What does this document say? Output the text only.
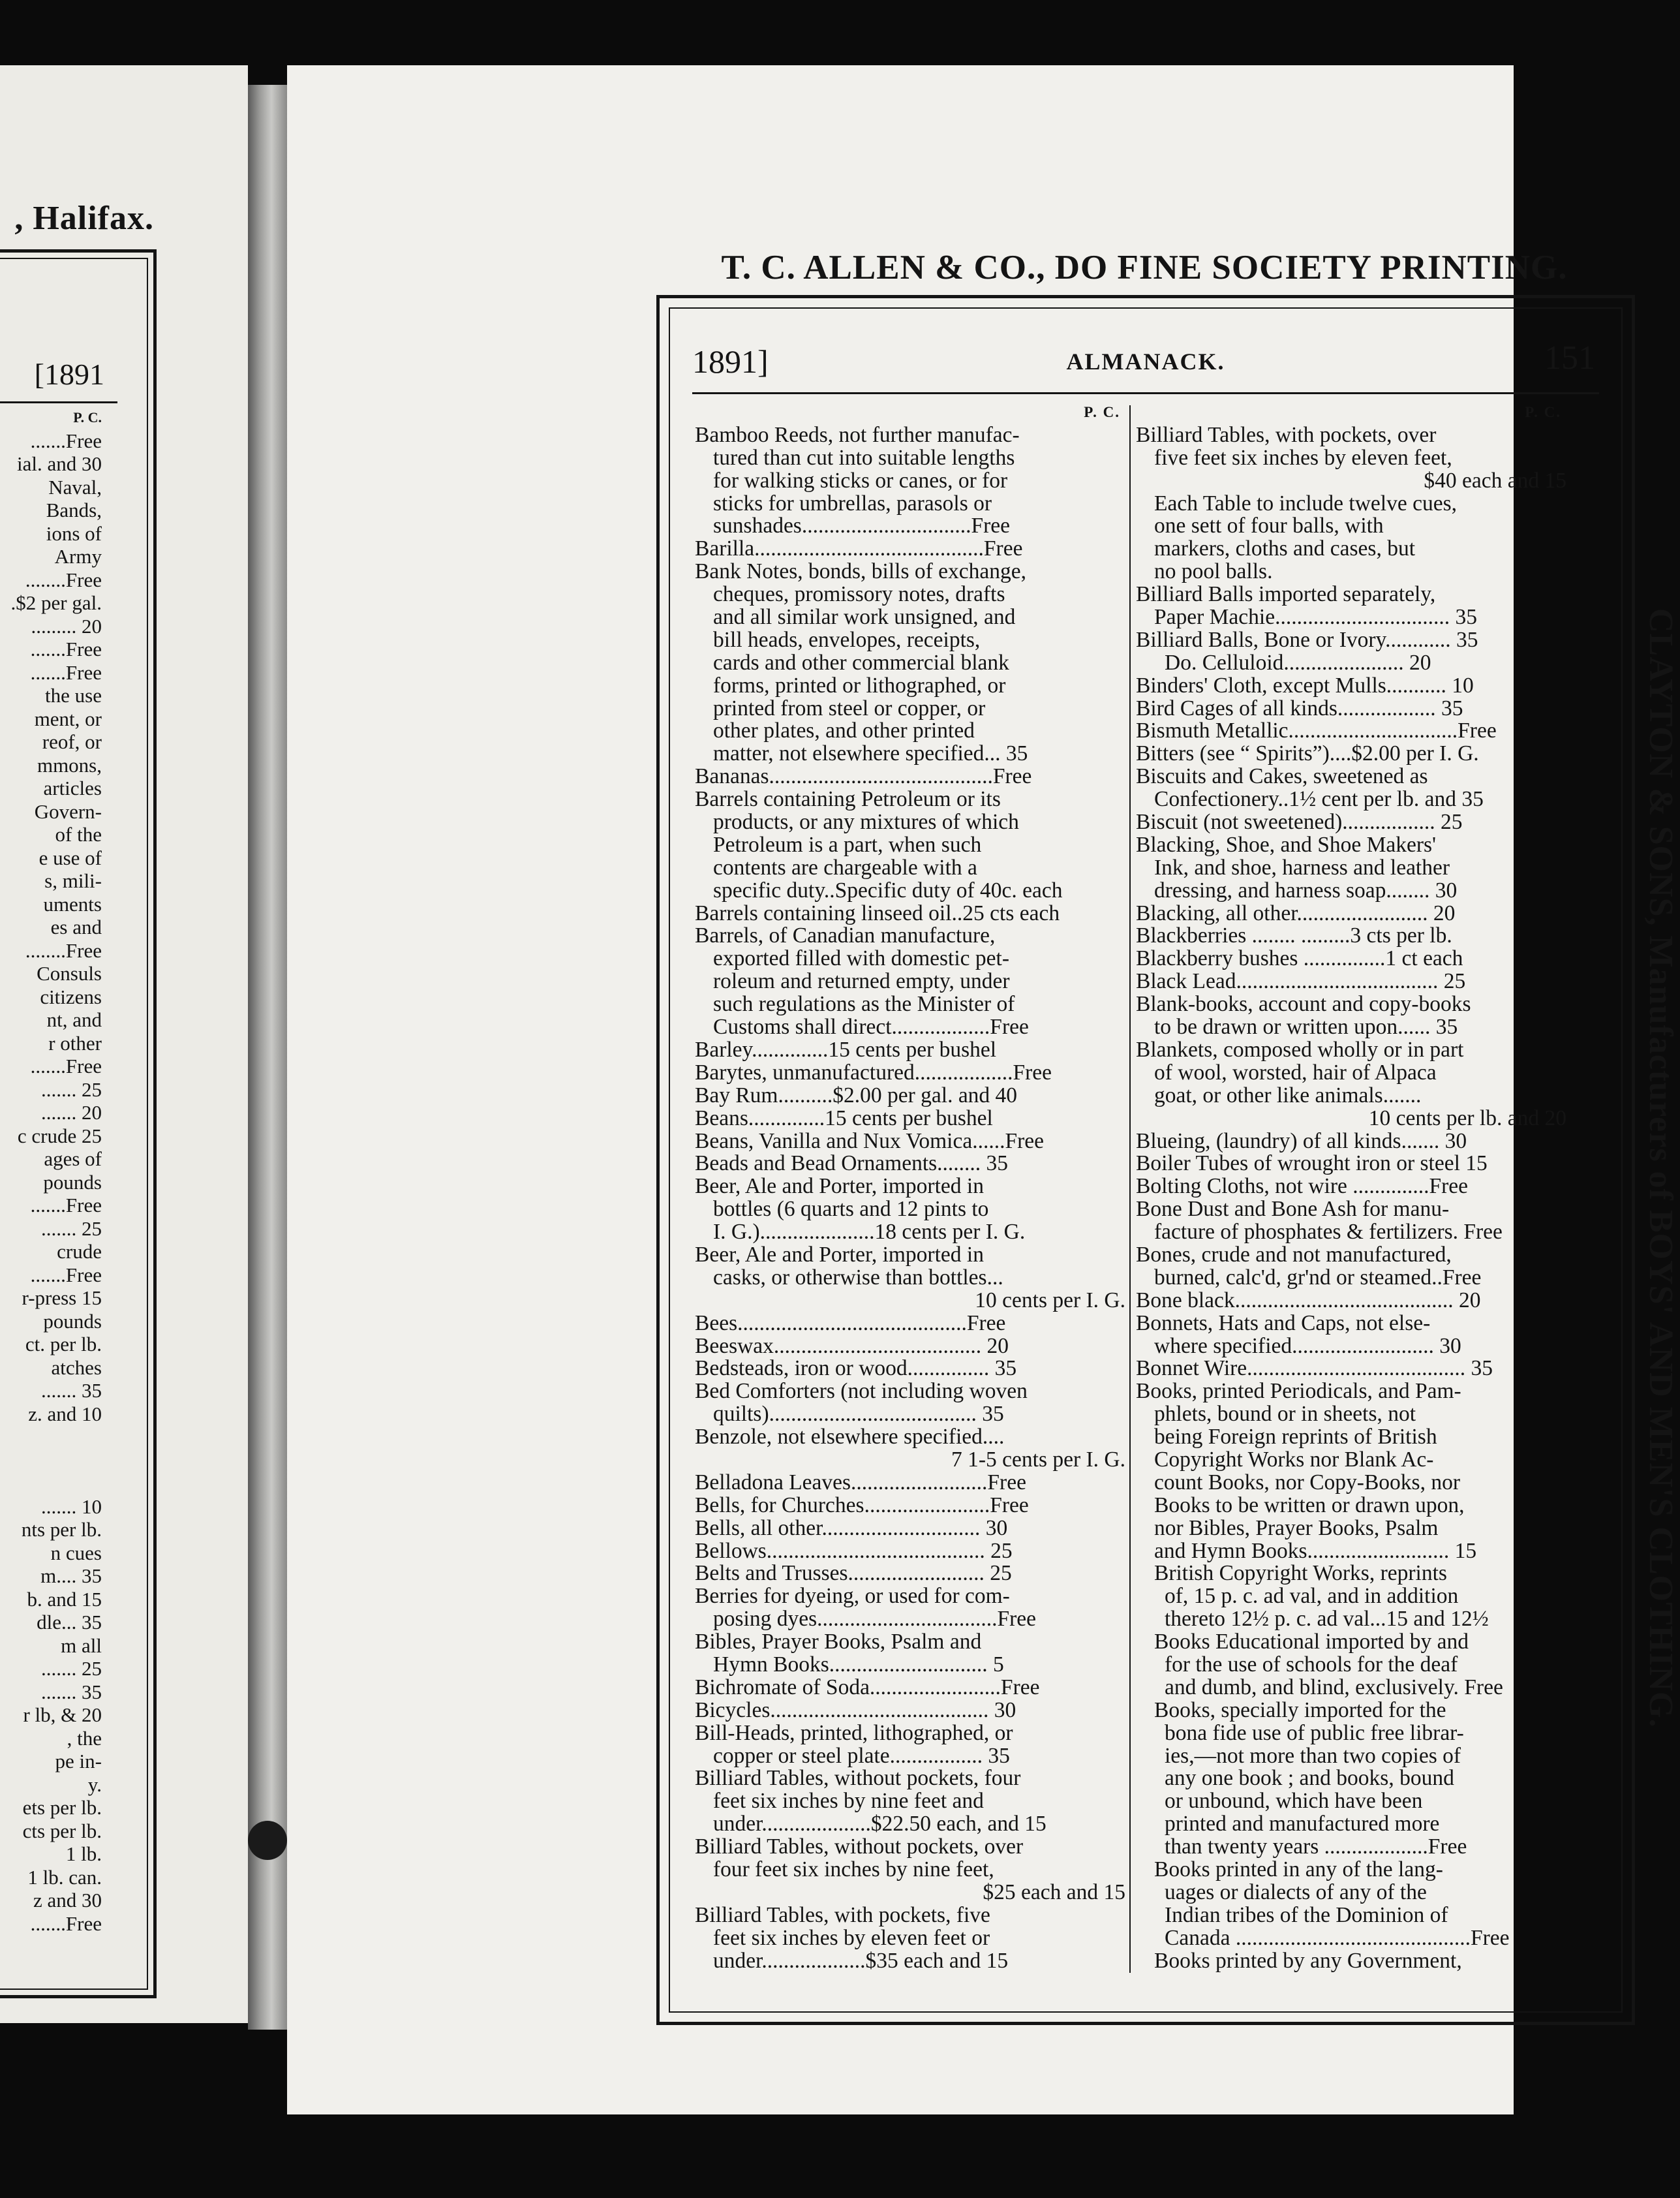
, Halifax.
[1891
P. C.
.......Free
ial. and 30
Naval,
Bands,
ions of
Army
........Free
.$2 per gal.
......... 20
.......Free
.......Free
the use
ment, or
reof, or
mmons,
articles
Govern-
of the
e use of
s, mili-
uments
es and
........Free
Consuls
citizens
nt, and
r other
.......Free
....... 25
....... 20
c crude 25
ages of
pounds
.......Free
....... 25
crude
.......Free
r-press 15
pounds
ct. per lb.
atches
....... 35
z. and 10
....... 10
nts per lb.
n cues
m.... 35
b. and 15
dle... 35
m all
....... 25
....... 35
r lb, & 20
, the
pe in-
y.
ets per lb.
cts per lb.
1 lb.
1 lb. can.
z and 30
.......Free
T. C. ALLEN & CO., DO FINE SOCIETY PRINTING.
1891]	ALMANACK.	151
P. C.
Bamboo Reeds, not further manufac-
tured than cut into suitable lengths
for walking sticks or canes, or for
sticks for umbrellas, parasols or
sunshades...............................Free
Barilla..........................................Free
Bank Notes, bonds, bills of exchange,
cheques, promissory notes, drafts
and all similar work unsigned, and
bill heads, envelopes, receipts,
cards and other commercial blank
forms, printed or lithographed, or
printed from steel or copper, or
other plates, and other printed
matter, not elsewhere specified... 35
Bananas.........................................Free
Barrels containing Petroleum or its
products, or any mixtures of which
Petroleum is a part, when such
contents are chargeable with a
specific duty..Specific duty of 40c. each
Barrels containing linseed oil..25 cts each
Barrels, of Canadian manufacture,
exported filled with domestic pet-
roleum and returned empty, under
such regulations as the Minister of
Customs shall direct..................Free
Barley..............15 cents per bushel
Barytes, unmanufactured..................Free
Bay Rum..........$2.00 per gal. and 40
Beans..............15 cents per bushel
Beans, Vanilla and Nux Vomica......Free
Beads and Bead Ornaments........ 35
Beer, Ale and Porter, imported in
bottles (6 quarts and 12 pints to
I. G.).....................18 cents per I. G.
Beer, Ale and Porter, imported in
casks, or otherwise than bottles...
10 cents per I. G.
Bees..........................................Free
Beeswax...................................... 20
Bedsteads, iron or wood............... 35
Bed Comforters (not including woven
quilts)...................................... 35
Benzole, not elsewhere specified....
7 1-5 cents per I. G.
Belladona Leaves.........................Free
Bells, for Churches.......................Free
Bells, all other............................. 30
Bellows........................................ 25
Belts and Trusses......................... 25
Berries for dyeing, or used for com-
posing dyes.................................Free
Bibles, Prayer Books, Psalm and
Hymn Books............................. 5
Bichromate of Soda........................Free
Bicycles........................................ 30
Bill-Heads, printed, lithographed, or
copper or steel plate................. 35
Billiard Tables, without pockets, four
feet six inches by nine feet and
under....................$22.50 each, and 15
Billiard Tables, without pockets, over
four feet six inches by nine feet,
$25 each and 15
Billiard Tables, with pockets, five
feet six inches by eleven feet or
under...................$35 each and 15
P. C.
Billiard Tables, with pockets, over
five feet six inches by eleven feet,
$40 each and 15
Each Table to include twelve cues,
one sett of four balls, with
markers, cloths and cases, but
no pool balls.
Billiard Balls imported separately,
Paper Machie................................ 35
Billiard Balls, Bone or Ivory............ 35
Do. Celluloid...................... 20
Binders' Cloth, except Mulls........... 10
Bird Cages of all kinds.................. 35
Bismuth Metallic...............................Free
Bitters (see “ Spirits”)....$2.00 per I. G.
Biscuits and Cakes, sweetened as
Confectionery..1½ cent per lb. and 35
Biscuit (not sweetened)................. 25
Blacking, Shoe, and Shoe Makers'
Ink, and shoe, harness and leather
dressing, and harness soap........ 30
Blacking, all other........................ 20
Blackberries ........ .........3 cts per lb.
Blackberry bushes ...............1 ct each
Black Lead..................................... 25
Blank-books, account and copy-books
to be drawn or written upon...... 35
Blankets, composed wholly or in part
of wool, worsted, hair of Alpaca
goat, or other like animals.......
10 cents per lb. and 20
Blueing, (laundry) of all kinds....... 30
Boiler Tubes of wrought iron or steel 15
Bolting Cloths, not wire ..............Free
Bone Dust and Bone Ash for manu-
facture of phosphates & fertilizers. Free
Bones, crude and not manufactured,
burned, calc'd, gr'nd or steamed..Free
Bone black........................................ 20
Bonnets, Hats and Caps, not else-
where specified.......................... 30
Bonnet Wire........................................ 35
Books, printed Periodicals, and Pam-
phlets, bound or in sheets, not
being Foreign reprints of British
Copyright Works nor Blank Ac-
count Books, nor Copy-Books, nor
Books to be written or drawn upon,
nor Bibles, Prayer Books, Psalm
and Hymn Books.......................... 15
British Copyright Works, reprints
of, 15 p. c. ad val, and in addition
thereto 12½ p. c. ad val...15 and 12½
Books Educational imported by and
for the use of schools for the deaf
and dumb, and blind, exclusively. Free
Books, specially imported for the
bona fide use of public free librar-
ies,—not more than two copies of
any one book ; and books, bound
or unbound, which have been
printed and manufactured more
than twenty years ...................Free
Books printed in any of the lang-
uages or dialects of any of the
Indian tribes of the Dominion of
Canada ...........................................Free
Books printed by any Government,
CLAYTON & SONS, Manufacturers of BOYS' AND MEN'S CLOTHING.
